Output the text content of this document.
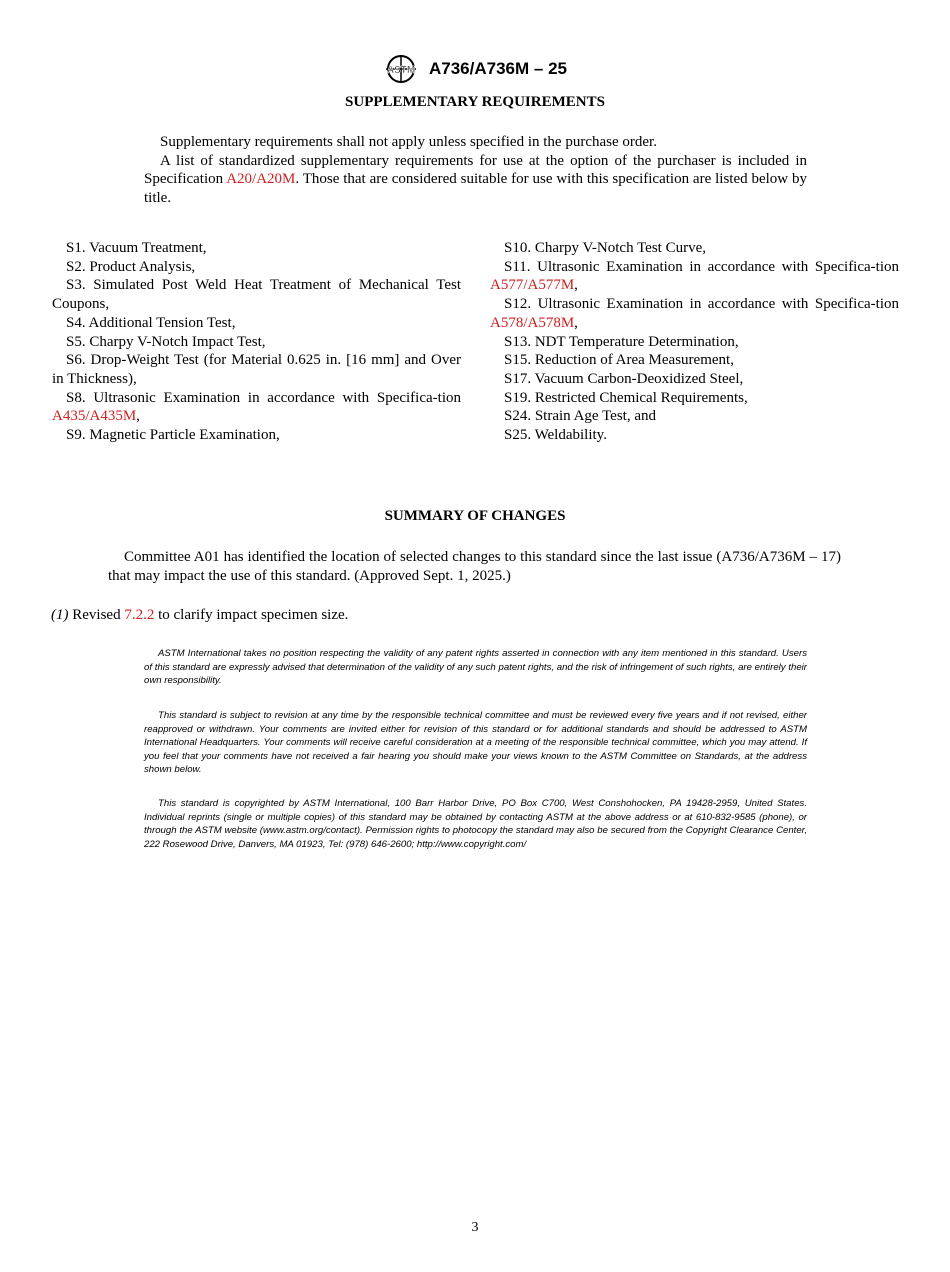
ASTM A736/A736M – 25
SUPPLEMENTARY REQUIREMENTS
Supplementary requirements shall not apply unless specified in the purchase order.
A list of standardized supplementary requirements for use at the option of the purchaser is included in Specification A20/A20M. Those that are considered suitable for use with this specification are listed below by title.

S1. Vacuum Treatment,

S2. Product Analysis,

S3. Simulated Post Weld Heat Treatment of Mechanical Test Coupons,

S4. Additional Tension Test,

S5. Charpy V-Notch Impact Test,

S6. Drop-Weight Test (for Material 0.625 in. [16 mm] and Over in Thickness),

S8. Ultrasonic Examination in accordance with Specifica-tion A435/A435M,

S9. Magnetic Particle Examination,

S10. Charpy V-Notch Test Curve,

S11. Ultrasonic Examination in accordance with Specifica-tion A577/A577M,

S12. Ultrasonic Examination in accordance with Specifica-tion A578/A578M,

S13. NDT Temperature Determination,

S15. Reduction of Area Measurement,

S17. Vacuum Carbon-Deoxidized Steel,

S19. Restricted Chemical Requirements,

S24. Strain Age Test, and

S25. Weldability.

SUMMARY OF CHANGES
Committee A01 has identified the location of selected changes to this standard since the last issue (A736/A736M – 17) that may impact the use of this standard. (Approved Sept. 1, 2025.)
(1) Revised 7.2.2 to clarify impact specimen size.

ASTM International takes no position respecting the validity of any patent rights asserted in connection with any item mentioned in this standard. Users of this standard are expressly advised that determination of the validity of any such patent rights, and the risk of infringement of such rights, are entirely their own responsibility.

This standard is subject to revision at any time by the responsible technical committee and must be reviewed every five years and if not revised, either reapproved or withdrawn. Your comments are invited either for revision of this standard or for additional standards and should be addressed to ASTM International Headquarters. Your comments will receive careful consideration at a meeting of the responsible technical committee, which you may attend. If you feel that your comments have not received a fair hearing you should make your views known to the ASTM Committee on Standards, at the address shown below.

This standard is copyrighted by ASTM International, 100 Barr Harbor Drive, PO Box C700, West Conshohocken, PA 19428-2959, United States. Individual reprints (single or multiple copies) of this standard may be obtained by contacting ASTM at the above address or at 610-832-9585 (phone), or through the ASTM website (www.astm.org/contact). Permission rights to photocopy the standard may also be secured from the Copyright Clearance Center, 222 Rosewood Drive, Danvers, MA 01923, Tel: (978) 646-2600; http://www.copyright.com/

3
